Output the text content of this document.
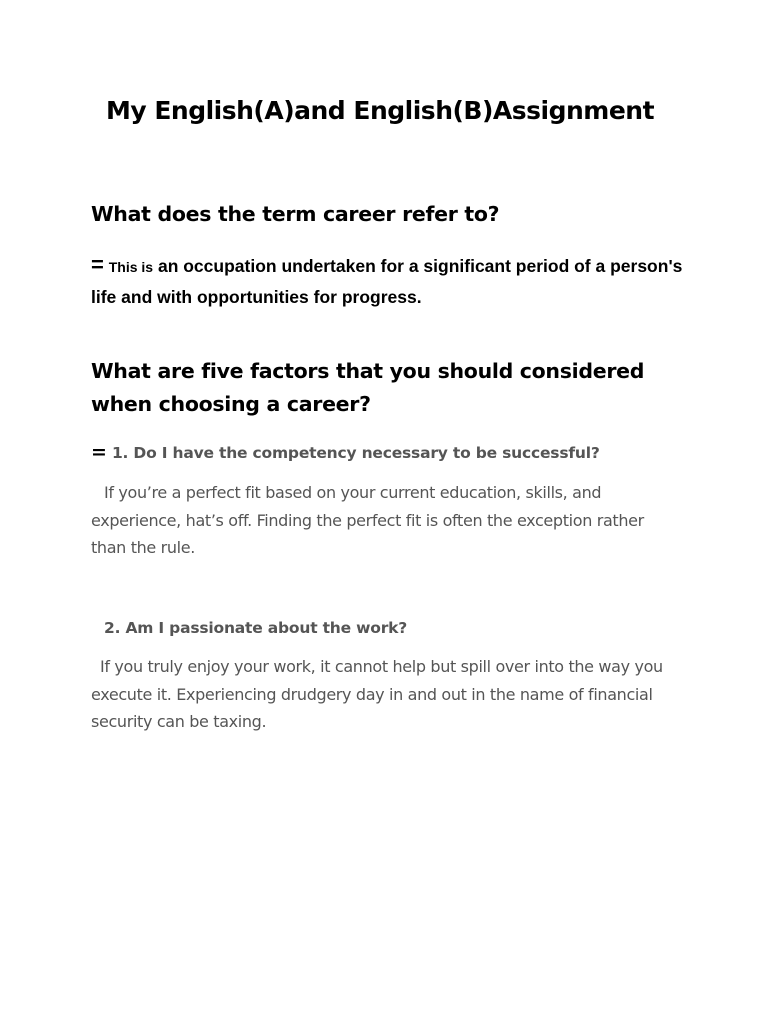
My English(A)and English(B)Assignment
What does the term career refer to?

= This is an occupation undertaken for a significant period of a person's life and with opportunities for progress.

What are five factors that you should considered when choosing a career?

= 1. Do I have the competency necessary to be successful?

If you’re a perfect fit based on your current education, skills, and experience, hat’s off. Finding the perfect fit is often the exception rather than the rule.

2. Am I passionate about the work?

If you truly enjoy your work, it cannot help but spill over into the way you execute it. Experiencing drudgery day in and out in the name of financial security can be taxing.
